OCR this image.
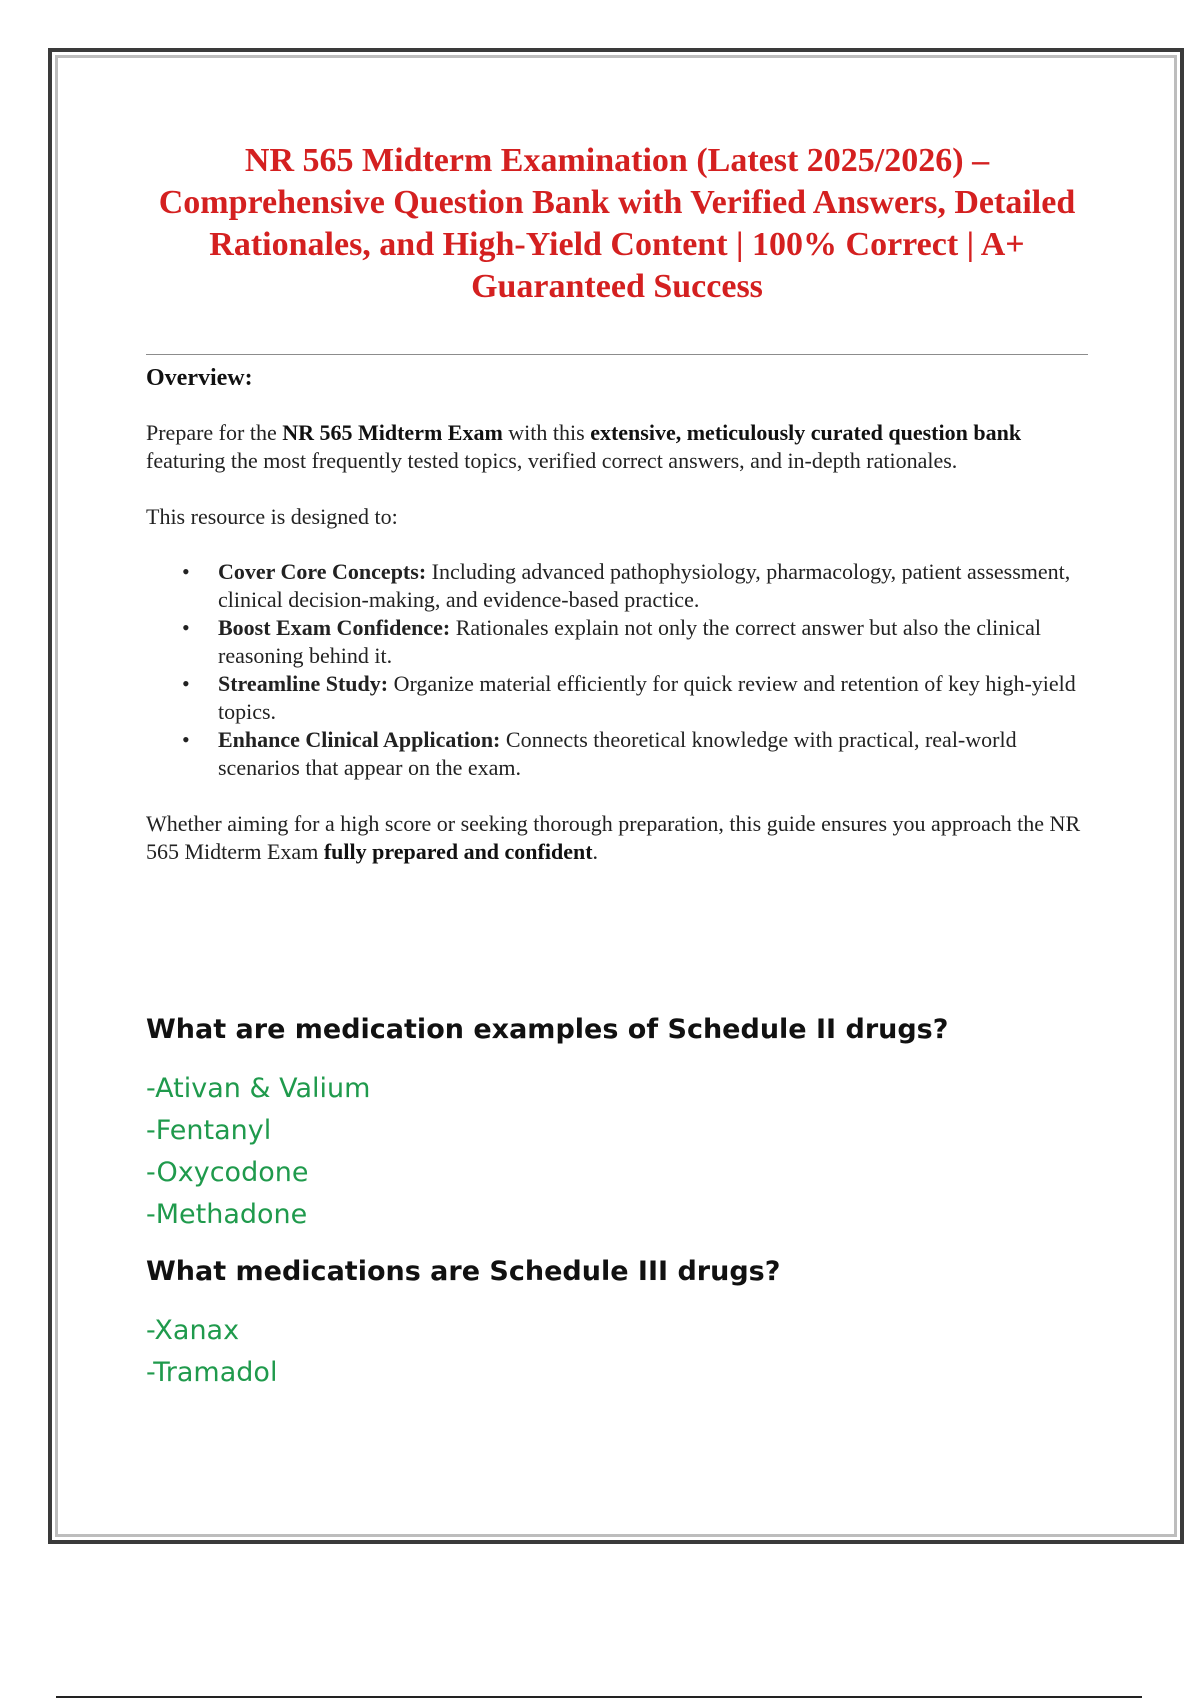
NR 565 Midterm Examination (Latest 2025/2026) – Comprehensive Question Bank with Verified Answers, Detailed Rationales, and High-Yield Content | 100% Correct | A+ Guaranteed Success
Overview:

Prepare for the NR 565 Midterm Exam with this extensive, meticulously curated question bank featuring the most frequently tested topics, verified correct answers, and in-depth rationales.

This resource is designed to:

• Cover Core Concepts: Including advanced pathophysiology, pharmacology, patient assessment, clinical decision-making, and evidence-based practice.
• Boost Exam Confidence: Rationales explain not only the correct answer but also the clinical reasoning behind it.
• Streamline Study: Organize material efficiently for quick review and retention of key high-yield topics.
• Enhance Clinical Application: Connects theoretical knowledge with practical, real-world scenarios that appear on the exam.

Whether aiming for a high score or seeking thorough preparation, this guide ensures you approach the NR 565 Midterm Exam fully prepared and confident.

What are medication examples of Schedule II drugs?
-Ativan & Valium
-Fentanyl
-Oxycodone
-Methadone
What medications are Schedule III drugs?
-Xanax
-Tramadol
